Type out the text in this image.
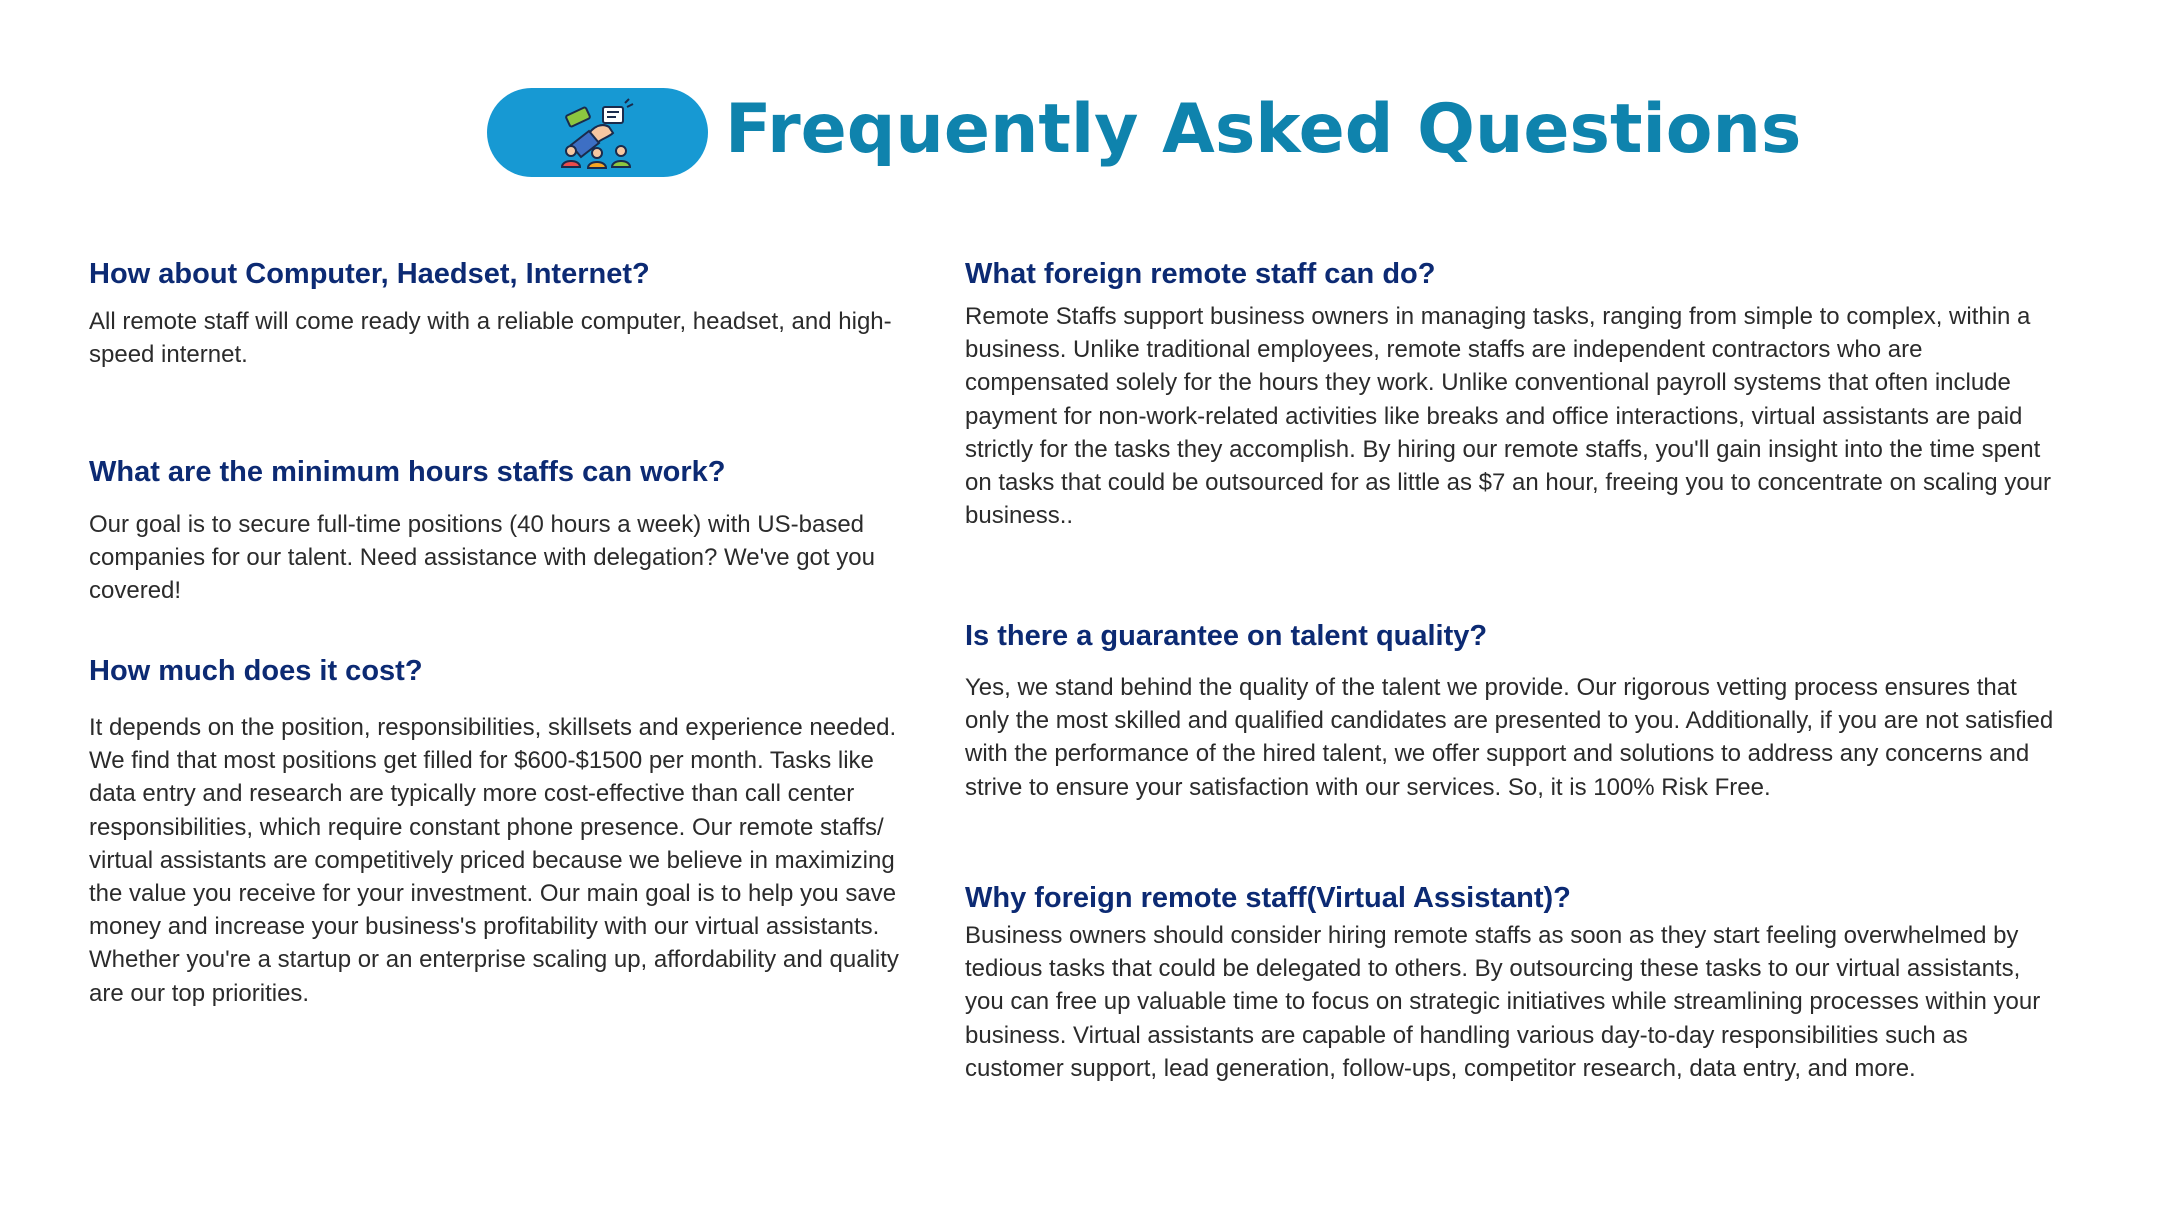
Frequently Asked Questions
How about Computer, Haedset, Internet?

All remote staff will come ready with a reliable computer, headset, and high-speed internet.

What are the minimum hours staffs can work?

Our goal is to secure full-time positions (40 hours a week) with US-based companies for our talent. Need assistance with delegation? We've got you covered!

How much does it cost?

It depends on the position, responsibilities, skillsets and experience needed. We find that most positions get filled for $600-$1500 per month. Tasks like data entry and research are typically more cost-effective than call center responsibilities, which require constant phone presence. Our remote staffs/ virtual assistants are competitively priced because we believe in maximizing the value you receive for your investment. Our main goal is to help you save money and increase your business's profitability with our virtual assistants. Whether you're a startup or an enterprise scaling up, affordability and quality are our top priorities.

What foreign remote staff can do?

Remote Staffs support business owners in managing tasks, ranging from simple to complex, within a business. Unlike traditional employees, remote staffs are independent contractors who are compensated solely for the hours they work. Unlike conventional payroll systems that often include payment for non-work-related activities like breaks and office interactions, virtual assistants are paid strictly for the tasks they accomplish. By hiring our remote staffs, you'll gain insight into the time spent on tasks that could be outsourced for as little as $7 an hour, freeing you to concentrate on scaling your business..

Is there a guarantee on talent quality?

Yes, we stand behind the quality of the talent we provide. Our rigorous vetting process ensures that only the most skilled and qualified candidates are presented to you. Additionally, if you are not satisfied with the performance of the hired talent, we offer support and solutions to address any concerns and strive to ensure your satisfaction with our services. So, it is 100% Risk Free.

Why foreign remote staff(Virtual Assistant)?

Business owners should consider hiring remote staffs as soon as they start feeling overwhelmed by tedious tasks that could be delegated to others. By outsourcing these tasks to our virtual assistants, you can free up valuable time to focus on strategic initiatives while streamlining processes within your business. Virtual assistants are capable of handling various day-to-day responsibilities such as customer support, lead generation, follow-ups, competitor research, data entry, and more.
